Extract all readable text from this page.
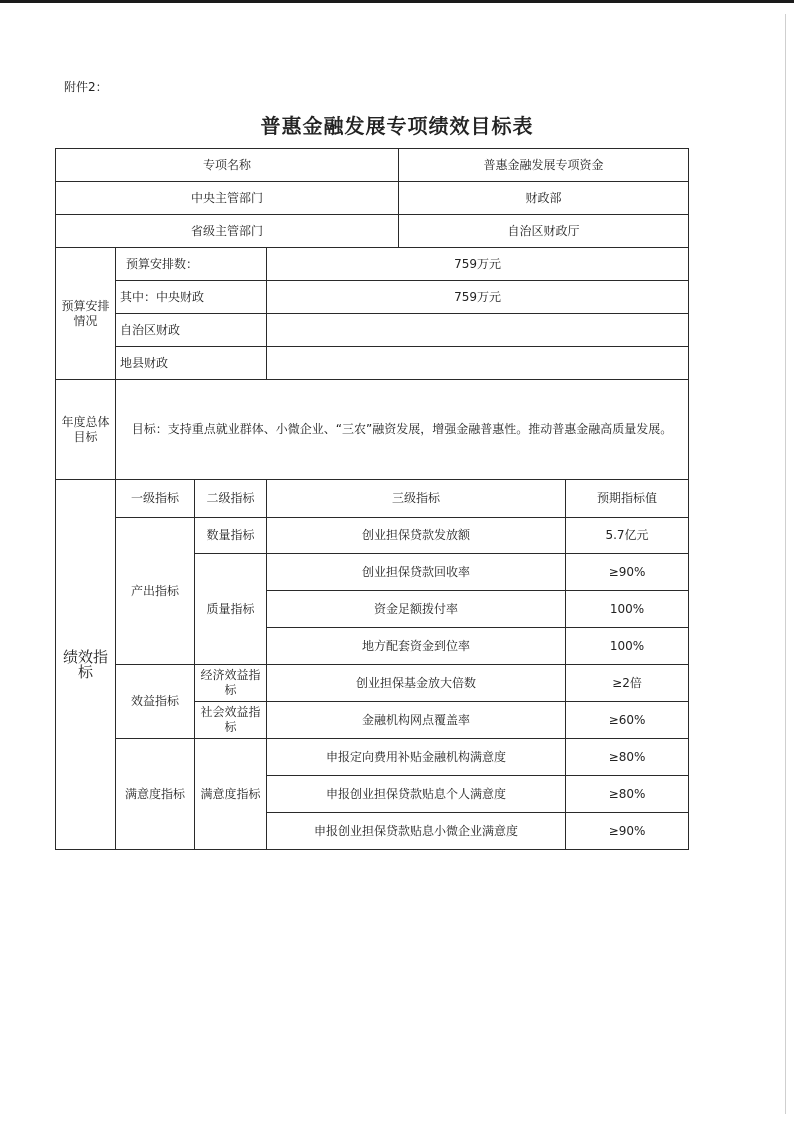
附件2：
普惠金融发展专项绩效目标表
专项名称				普惠金融发展专项资金	
中央主管部门				财政部	
省级主管部门				自治区财政厅	
预算安排情况	预算安排数：		759万元		
	其中：中央财政		759万元		
	自治区财政				
	地县财政				
年度总体目标	目标：支持重点就业群体、小微企业、“三农”融资发展，增强金融普惠性。推动普惠金融高质量发展。				
绩效指标	一级指标	二级指标	三级指标		预期指标值
	产出指标	数量指标	创业担保贷款发放额		5.7亿元
		质量指标	创业担保贷款回收率		≥90%
			资金足额拨付率		100%
			地方配套资金到位率		100%
	效益指标	经济效益指标	创业担保基金放大倍数		≥2倍
		社会效益指标	金融机构网点覆盖率		≥60%
	满意度指标	满意度指标	申报定向费用补贴金融机构满意度		≥80%
			申报创业担保贷款贴息个人满意度		≥80%
			申报创业担保贷款贴息小微企业满意度		≥90%
